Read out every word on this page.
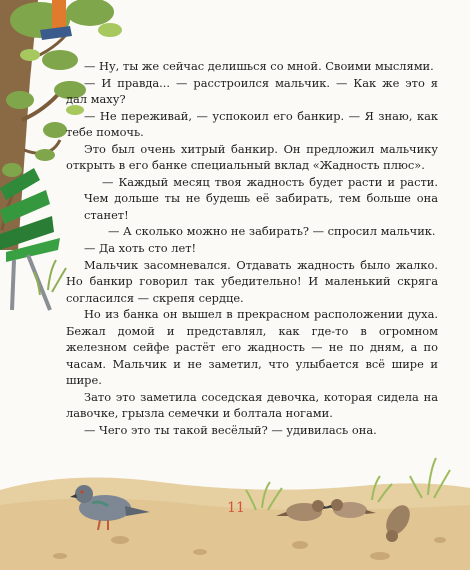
— Ну, ты же сейчас делишься со мной. Своими мыслями.

— И правда... — расстроился мальчик. — Как же это я дал маху?

— Не переживай, — успокоил его банкир. — Я знаю, как тебе помочь.

Это был очень хитрый банкир. Он предложил мальчику открыть в его банке специальный вклад «Жадность плюс».

— Каждый месяц твоя жадность будет расти и расти. Чем дольше ты не будешь её забирать, тем больше она станет!

— А сколько можно не забирать? — спросил мальчик.

— Да хоть сто лет!

Мальчик засомневался. Отдавать жадность было жалко. Но банкир говорил так убедительно! И маленький скряга согласился — скрепя сердце.

Но из банка он вышел в прекрасном расположении духа. Бежал домой и представлял, как где-то в огромном железном сейфе растёт его жадность — не по дням, а по часам. Мальчик и не заметил, что улыбается всё шире и шире.

Зато это заметила соседская девочка, которая сидела на лавочке, грызла семечки и болтала ногами.

— Чего это ты такой весёлый? — удивилась она.

11
